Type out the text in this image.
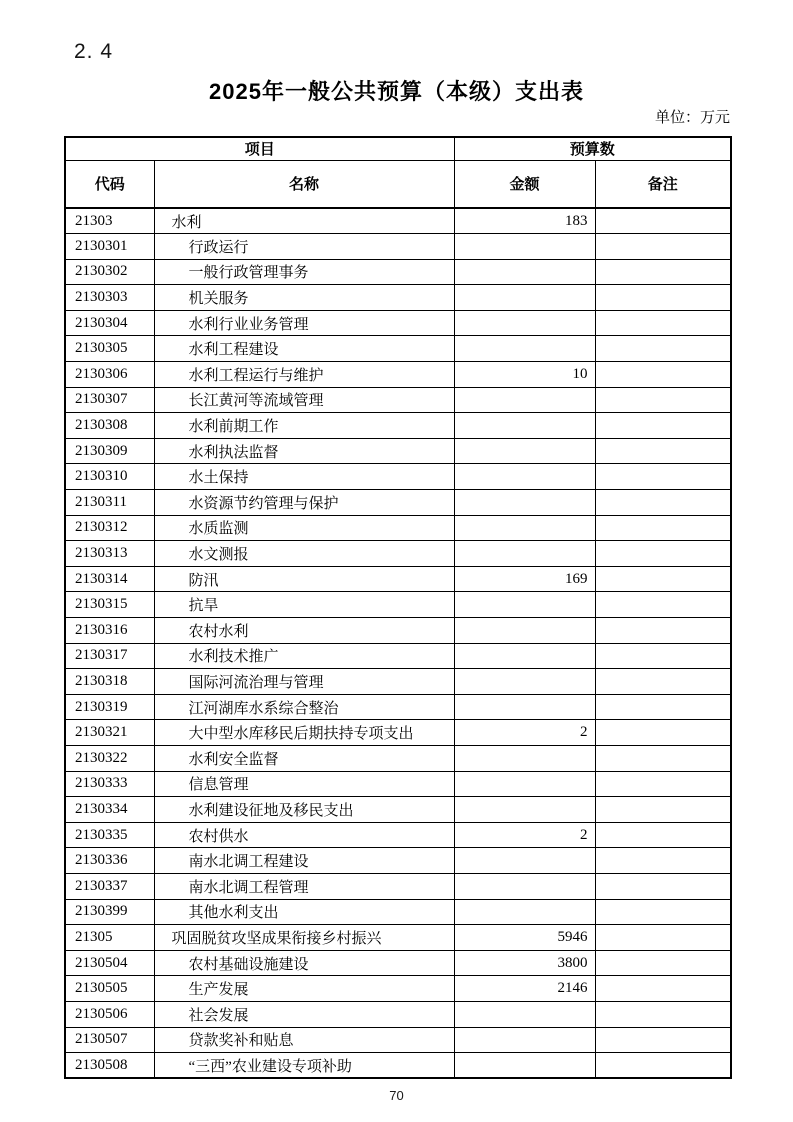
2. 4
2025年一般公共预算（本级）支出表
单位：万元
项目		预算数	
代码	名称	金额	备注
21303	水利	183	
2130301	行政运行		
2130302	一般行政管理事务		
2130303	机关服务		
2130304	水利行业业务管理		
2130305	水利工程建设		
2130306	水利工程运行与维护	10	
2130307	长江黄河等流域管理		
2130308	水利前期工作		
2130309	水利执法监督		
2130310	水土保持		
2130311	水资源节约管理与保护		
2130312	水质监测		
2130313	水文测报		
2130314	防汛	169	
2130315	抗旱		
2130316	农村水利		
2130317	水利技术推广		
2130318	国际河流治理与管理		
2130319	江河湖库水系综合整治		
2130321	大中型水库移民后期扶持专项支出	2	
2130322	水利安全监督		
2130333	信息管理		
2130334	水利建设征地及移民支出		
2130335	农村供水	2	
2130336	南水北调工程建设		
2130337	南水北调工程管理		
2130399	其他水利支出		
21305	巩固脱贫攻坚成果衔接乡村振兴	5946	
2130504	农村基础设施建设	3800	
2130505	生产发展	2146	
2130506	社会发展		
2130507	贷款奖补和贴息		
2130508	“三西”农业建设专项补助		
70
